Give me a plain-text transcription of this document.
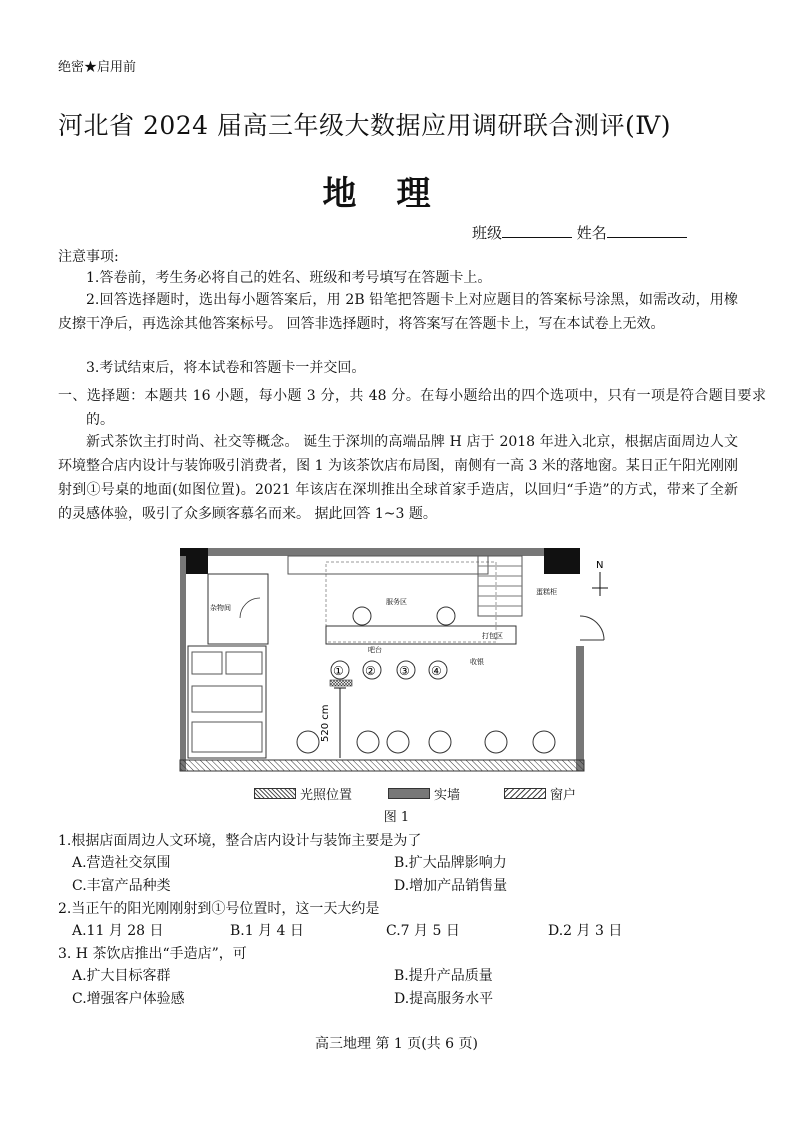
绝密★启用前
河北省 2024 届高三年级大数据应用调研联合测评(Ⅳ)
地理
班级	姓名
注意事项:
1.答卷前，考生务必将自己的姓名、班级和考号填写在答题卡上。
2.回答选择题时，选出每小题答案后，用 2B 铅笔把答题卡上对应题目的答案标号涂黑，如需改动，用橡皮擦干净后，再选涂其他答案标号。 回答非选择题时，将答案写在答题卡上，写在本试卷上无效。
3.考试结束后，将本试卷和答题卡一并交回。
一、选择题：本题共 16 小题，每小题 3 分，共 48 分。在每小题给出的四个选项中，只有一项是符合题目要求的。
新式茶饮主打时尚、社交等概念。 诞生于深圳的高端品牌 H 店于 2018 年进入北京，根据店面周边人文环境整合店内设计与装饰吸引消费者，图 1 为该茶饮店布局图，南侧有一高 3 米的落地窗。某日正午阳光刚刚射到①号桌的地面(如图位置)。2021 年该店在深圳推出全球首家手造店，以回归“手造”的方式，带来了全新的灵感体验，吸引了众多顾客慕名而来。 据此回答 1~3 题。
杂物间
服务区
吧台
打包区
收银
蛋糕柜
N
① ② ③ ④
520 cm
光照位置	实墙	窗户
图 1
1.根据店面周边人文环境，整合店内设计与装饰主要是为了
A.营造社交氛围	B.扩大品牌影响力
C.丰富产品种类	D.增加产品销售量
2.当正午的阳光刚刚射到①号位置时，这一天大约是
A.11 月 28 日	B.1 月 4 日	C.7 月 5 日	D.2 月 3 日
3. H 茶饮店推出“手造店”，可
A.扩大目标客群	B.提升产品质量
C.增强客户体验感	D.提高服务水平
高三地理 第 1 页(共 6 页)
